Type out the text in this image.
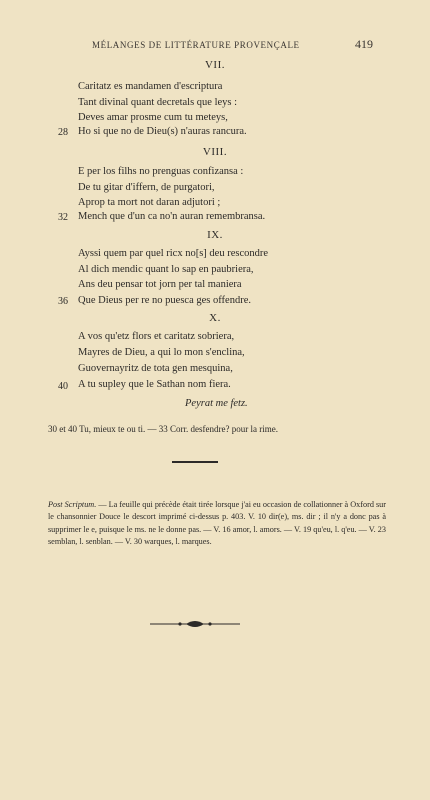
MÉLANGES DE LITTÉRATURE PROVENÇALE	419
VII.
Caritatz es mandamen d'escriptura
Tant divinal quant decretals que leys :
Deves amar prosme cum tu meteys,
28 Ho si que no de Dieu(s) n'auras rancura.
VIII.
E per los filhs no prenguas confizansa :
De tu gitar d'iffern, de purgatori,
Aprop ta mort not daran adjutori ;
32 Mench que d'un ca no'n auran remembransa.
IX.
Ayssi quem par quel ricx no[s] deu rescondre
Al dich mendic quant lo sap en paubriera,
Ans deu pensar tot jorn per tal maniera
36 Que Dieus per re no puesca ges offendre.
X.
A vos qu'etz flors et caritatz sobriera,
Mayres de Dieu, a qui lo mon s'enclina,
Guovernayritz de tota gen mesquina,
40 A tu supley que le Sathan nom fiera.
Peyrat me fetz.
30 et 40 Tu, mieux te ou ti. — 33 Corr. desfendre? pour la rime.
Post Scriptum. — La feuille qui précède était tirée lorsque j'ai eu occasion de collationner à Oxford sur le chansonnier Douce le descort imprimé ci-dessus p. 403. V. 10 dir(e), ms. dir ; il n'y a donc pas à supprimer le e, puisque le ms. ne le donne pas. — V. 16 amor, l. amors. — V. 19 qu'eu, l. q'eu. — V. 23 semblan, l. senblan. — V. 30 warques, l. marques.
